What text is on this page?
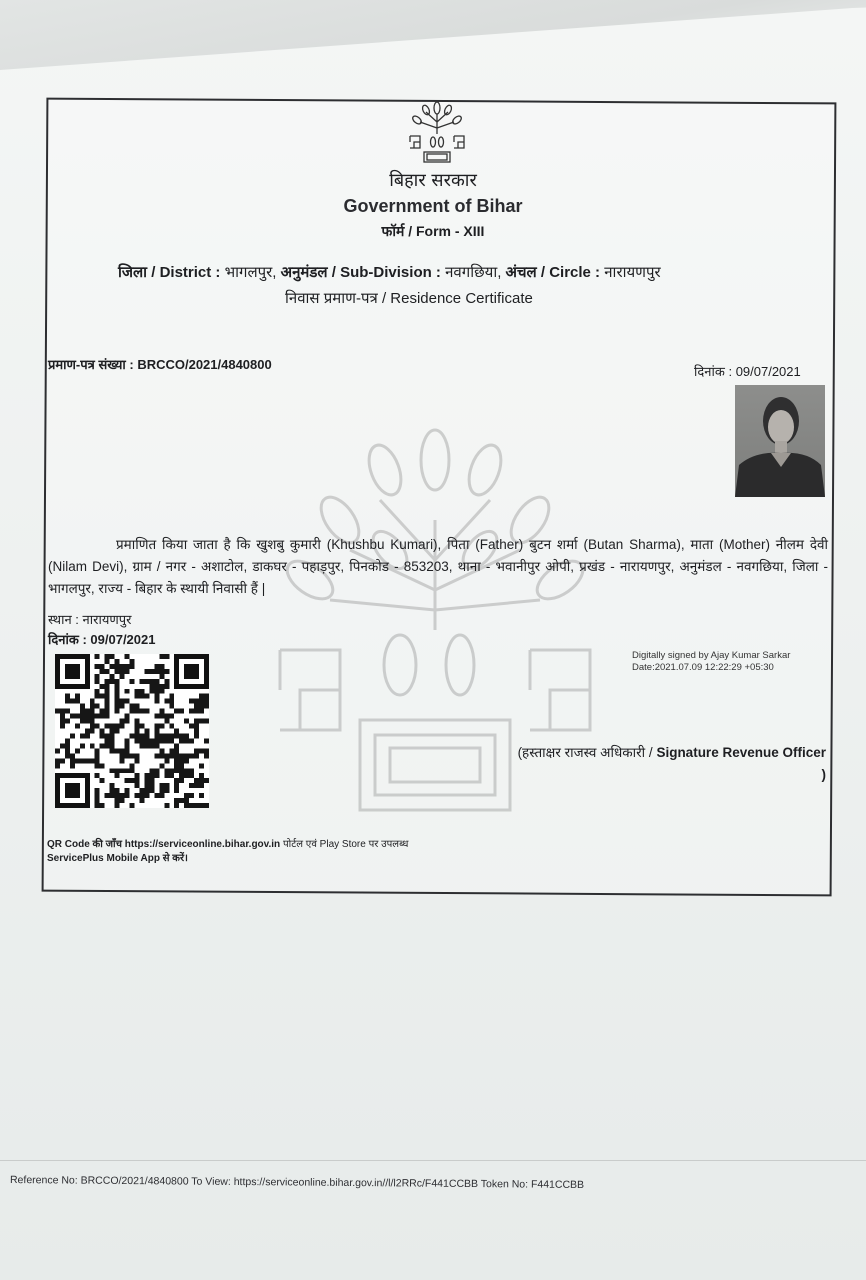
बिहार सरकार
Government of Bihar
फॉर्म / Form - XIII
जिला / District : भागलपुर, अनुमंडल / Sub-Division : नवगछिया, अंचल / Circle : नारायणपुर
निवास प्रमाण-पत्र / Residence Certificate
प्रमाण-पत्र संख्या : BRCCO/2021/4840800	दिनांक : 09/07/2021
प्रमाणित किया जाता है कि खुशबु कुमारी (Khushbu Kumari), पिता (Father) बुटन शर्मा (Butan Sharma), माता (Mother) नीलम देवी (Nilam Devi), ग्राम / नगर - अशाटोल, डाकघर - पहाड़पुर, पिनकोड - 853203, थाना - भवानीपुर ओपी, प्रखंड - नारायणपुर, अनुमंडल - नवगछिया, जिला - भागलपुर, राज्य - बिहार के स्थायी निवासी हैं |
स्थान : नारायणपुर
दिनांक : 09/07/2021
Digitally signed by Ajay Kumar Sarkar
Date:2021.07.09 12:22:29 +05:30
(हस्ताक्षर राजस्व अधिकारी / Signature Revenue Officer )
QR Code की जाँच https://serviceonline.bihar.gov.in पोर्टल एवं Play Store पर उपलब्ध
ServicePlus Mobile App से करें।
Reference No: BRCCO/2021/4840800 To View: https://serviceonline.bihar.gov.in//l/l2RRc/F441CCBB Token No: F441CCBB
